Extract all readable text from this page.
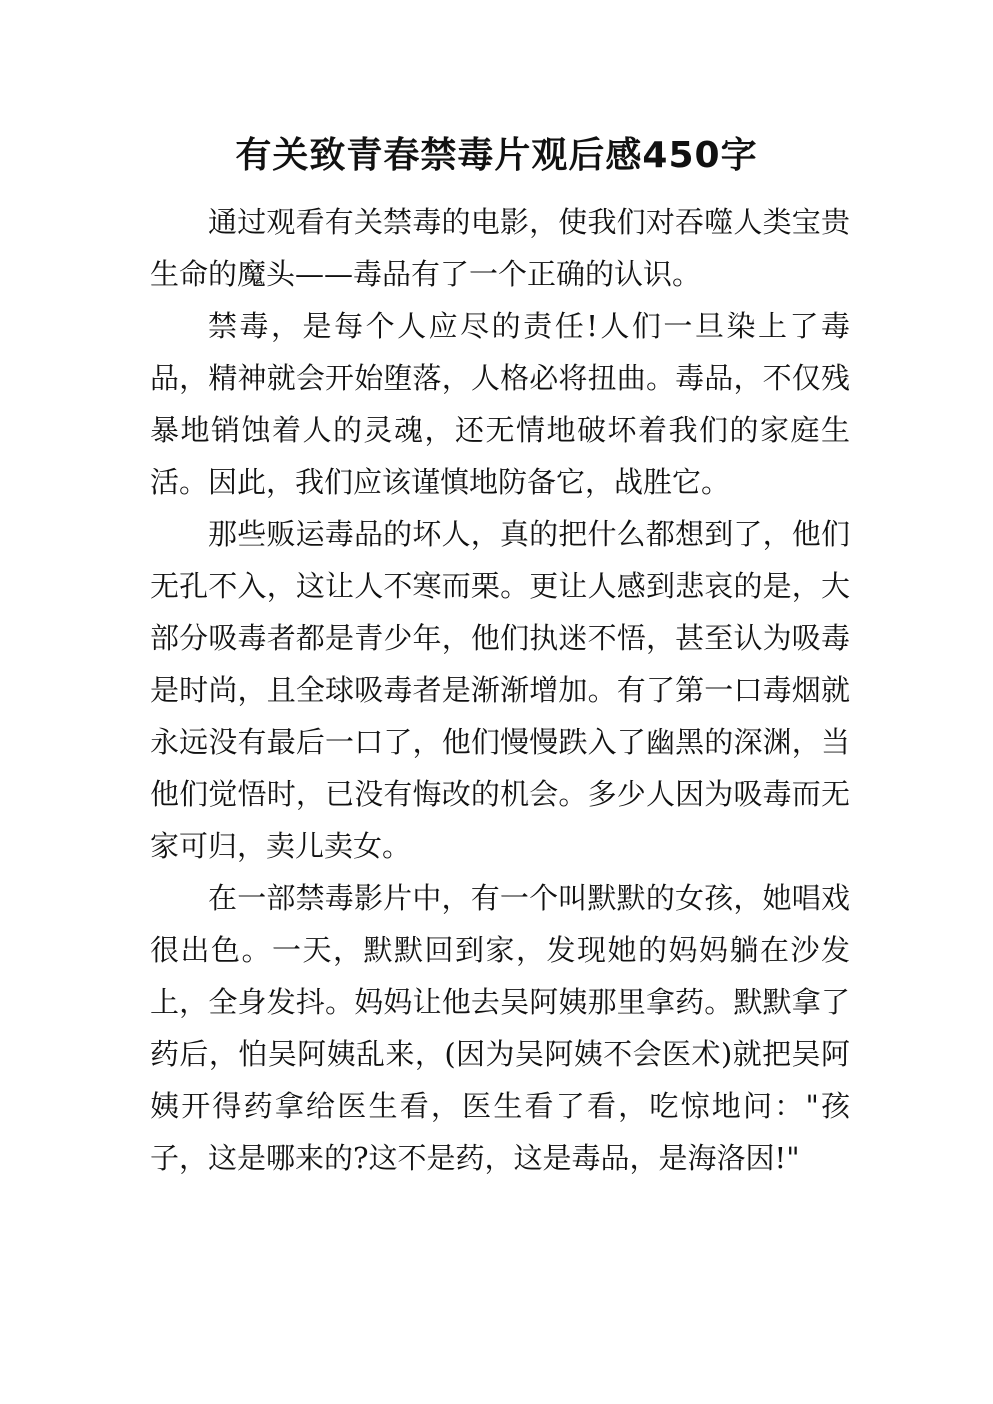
有关致青春禁毒片观后感450字

通过观看有关禁毒的电影，使我们对吞噬人类宝贵生命的魔头——毒品有了一个正确的认识。

禁毒，是每个人应尽的责任!人们一旦染上了毒品，精神就会开始堕落，人格必将扭曲。毒品，不仅残暴地销蚀着人的灵魂，还无情地破坏着我们的家庭生活。因此，我们应该谨慎地防备它，战胜它。

那些贩运毒品的坏人，真的把什么都想到了，他们无孔不入，这让人不寒而栗。更让人感到悲哀的是，大部分吸毒者都是青少年，他们执迷不悟，甚至认为吸毒是时尚，且全球吸毒者是渐渐增加。有了第一口毒烟就永远没有最后一口了，他们慢慢跌入了幽黑的深渊，当他们觉悟时，已没有悔改的机会。多少人因为吸毒而无家可归，卖儿卖女。

在一部禁毒影片中，有一个叫默默的女孩，她唱戏很出色。一天，默默回到家，发现她的妈妈躺在沙发上，全身发抖。妈妈让他去吴阿姨那里拿药。默默拿了药后，怕吴阿姨乱来，(因为吴阿姨不会医术)就把吴阿姨开得药拿给医生看，医生看了看，吃惊地问："孩子，这是哪来的?这不是药，这是毒品，是海洛因!"
